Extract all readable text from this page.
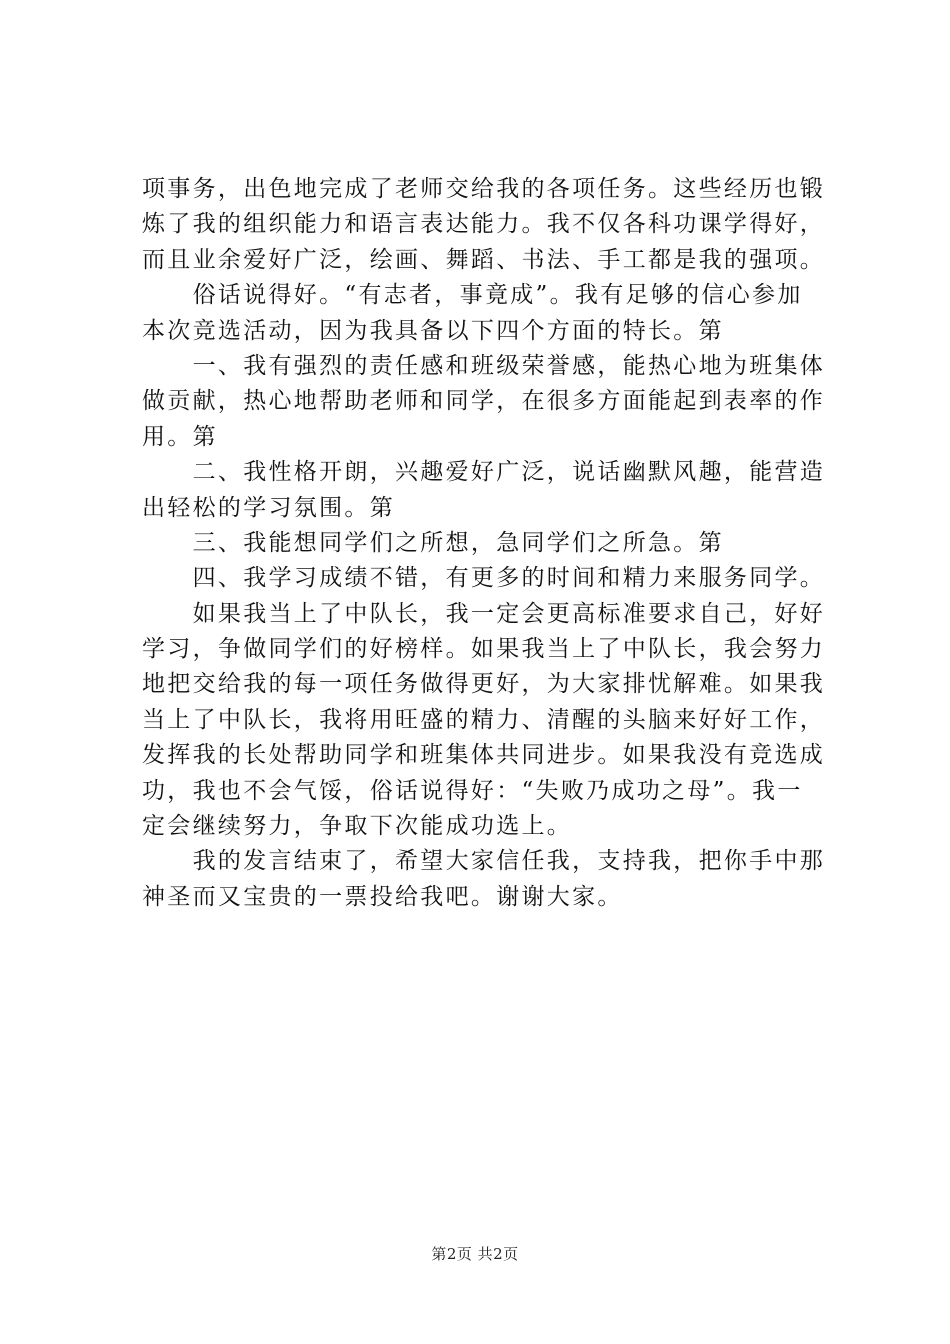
项事务，出色地完成了老师交给我的各项任务。这些经历也锻
炼了我的组织能力和语言表达能力。我不仅各科功课学得好，
而且业余爱好广泛，绘画、舞蹈、书法、手工都是我的强项。
　　俗话说得好。“有志者，事竟成”。我有足够的信心参加
本次竞选活动，因为我具备以下四个方面的特长。第
　　一、我有强烈的责任感和班级荣誉感，能热心地为班集体
做贡献，热心地帮助老师和同学，在很多方面能起到表率的作
用。第
　　二、我性格开朗，兴趣爱好广泛，说话幽默风趣，能营造
出轻松的学习氛围。第
　　三、我能想同学们之所想，急同学们之所急。第
　　四、我学习成绩不错，有更多的时间和精力来服务同学。
　　如果我当上了中队长，我一定会更高标准要求自己，好好
学习，争做同学们的好榜样。如果我当上了中队长，我会努力
地把交给我的每一项任务做得更好，为大家排忧解难。如果我
当上了中队长，我将用旺盛的精力、清醒的头脑来好好工作，
发挥我的长处帮助同学和班集体共同进步。如果我没有竞选成
功，我也不会气馁，俗话说得好：“失败乃成功之母”。我一
定会继续努力，争取下次能成功选上。
　　我的发言结束了，希望大家信任我，支持我，把你手中那
神圣而又宝贵的一票投给我吧。谢谢大家。
第2页 共2页
